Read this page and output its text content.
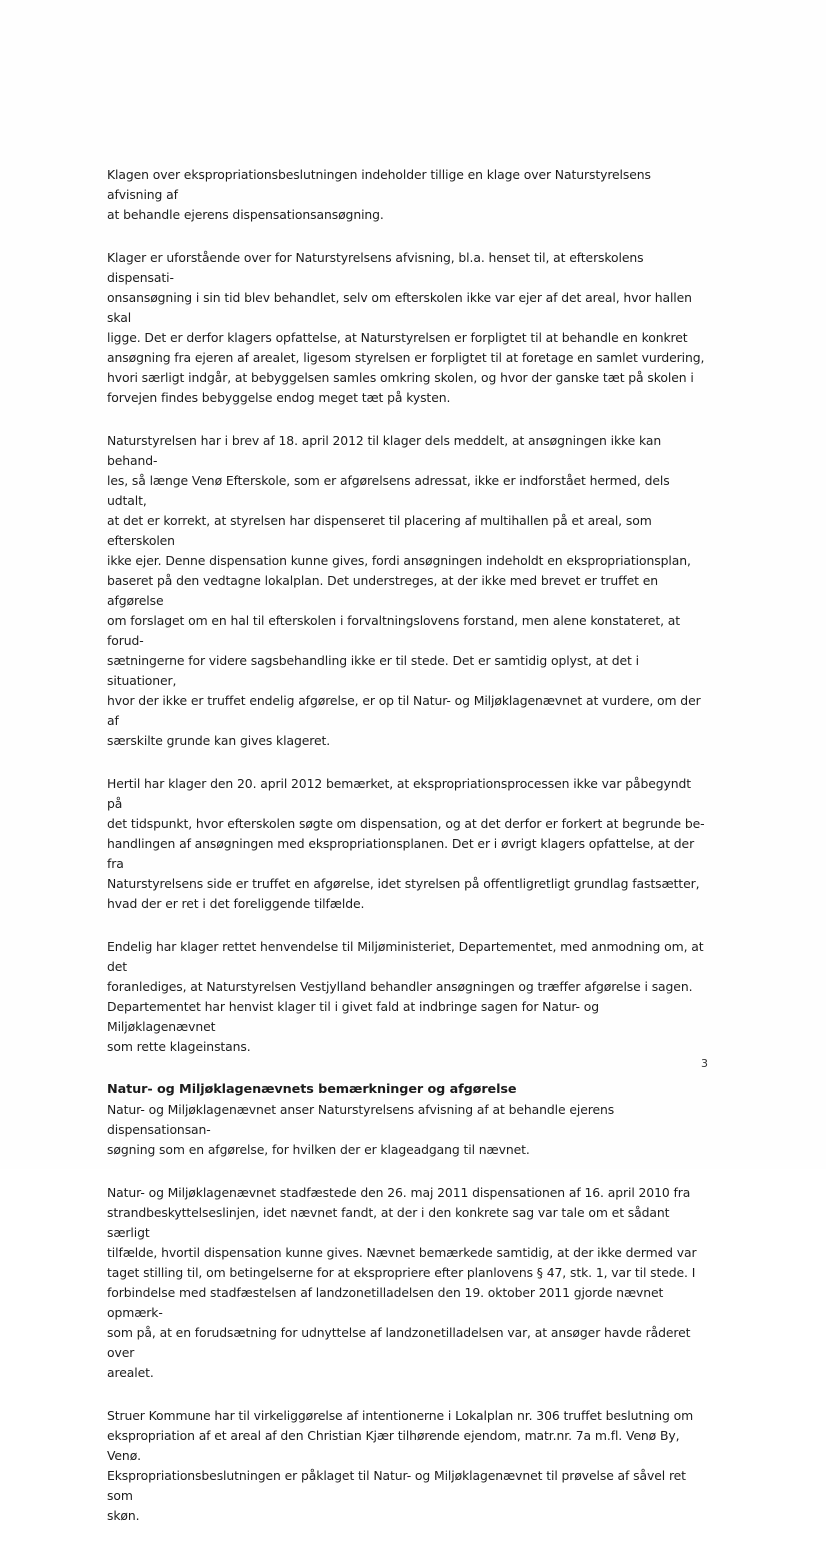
Klagen over ekspropriationsbeslutningen indeholder tillige en klage over Naturstyrelsens afvisning af
at behandle ejerens dispensationsansøgning.

Klager er uforstående over for Naturstyrelsens afvisning, bl.a. henset til, at efterskolens dispensati-
onsansøgning i sin tid blev behandlet, selv om efterskolen ikke var ejer af det areal, hvor hallen skal
ligge. Det er derfor klagers opfattelse, at Naturstyrelsen er forpligtet til at behandle en konkret
ansøgning fra ejeren af arealet, ligesom styrelsen er forpligtet til at foretage en samlet vurdering,
hvori særligt indgår, at bebyggelsen samles omkring skolen, og hvor der ganske tæt på skolen i
forvejen findes bebyggelse endog meget tæt på kysten.

Naturstyrelsen har i brev af 18. april 2012 til klager dels meddelt, at ansøgningen ikke kan behand-
les, så længe Venø Efterskole, som er afgørelsens adressat, ikke er indforstået hermed, dels udtalt,
at det er korrekt, at styrelsen har dispenseret til placering af multihallen på et areal, som efterskolen
ikke ejer. Denne dispensation kunne gives, fordi ansøgningen indeholdt en ekspropriationsplan,
baseret på den vedtagne lokalplan. Det understreges, at der ikke med brevet er truffet en afgørelse
om forslaget om en hal til efterskolen i forvaltningslovens forstand, men alene konstateret, at forud-
sætningerne for videre sagsbehandling ikke er til stede. Det er samtidig oplyst, at det i situationer,
hvor der ikke er truffet endelig afgørelse, er op til Natur- og Miljøklagenævnet at vurdere, om der af
særskilte grunde kan gives klageret.

Hertil har klager den 20. april 2012 bemærket, at ekspropriationsprocessen ikke var påbegyndt på
det tidspunkt, hvor efterskolen søgte om dispensation, og at det derfor er forkert at begrunde be-
handlingen af ansøgningen med ekspropriationsplanen. Det er i øvrigt klagers opfattelse, at der fra
Naturstyrelsens side er truffet en afgørelse, idet styrelsen på offentligretligt grundlag fastsætter,
hvad der er ret i det foreliggende tilfælde.

Endelig har klager rettet henvendelse til Miljøministeriet, Departementet, med anmodning om, at det
foranlediges, at Naturstyrelsen Vestjylland behandler ansøgningen og træffer afgørelse i sagen.
Departementet har henvist klager til i givet fald at indbringe sagen for Natur- og Miljøklagenævnet
som rette klageinstans.

Natur- og Miljøklagenævnets bemærkninger og afgørelse

Natur- og Miljøklagenævnet anser Naturstyrelsens afvisning af at behandle ejerens dispensationsan-
søgning som en afgørelse, for hvilken der er klageadgang til nævnet.

Natur- og Miljøklagenævnet stadfæstede den 26. maj 2011 dispensationen af 16. april 2010 fra
strandbeskyttelseslinjen, idet nævnet fandt, at der i den konkrete sag var tale om et sådant særligt
tilfælde, hvortil dispensation kunne gives. Nævnet bemærkede samtidig, at der ikke dermed var
taget stilling til, om betingelserne for at ekspropriere efter planlovens § 47, stk. 1, var til stede. I
forbindelse med stadfæstelsen af landzonetilladelsen den 19. oktober 2011 gjorde nævnet opmærk-
som på, at en forudsætning for udnyttelse af landzonetilladelsen var, at ansøger havde råderet over
arealet.

Struer Kommune har til virkeliggørelse af intentionerne i Lokalplan nr. 306 truffet beslutning om
ekspropriation af et areal af den Christian Kjær tilhørende ejendom, matr.nr. 7a m.fl. Venø By, Venø.
Ekspropriationsbeslutningen er påklaget til Natur- og Miljøklagenævnet til prøvelse af såvel ret som
skøn.

3
